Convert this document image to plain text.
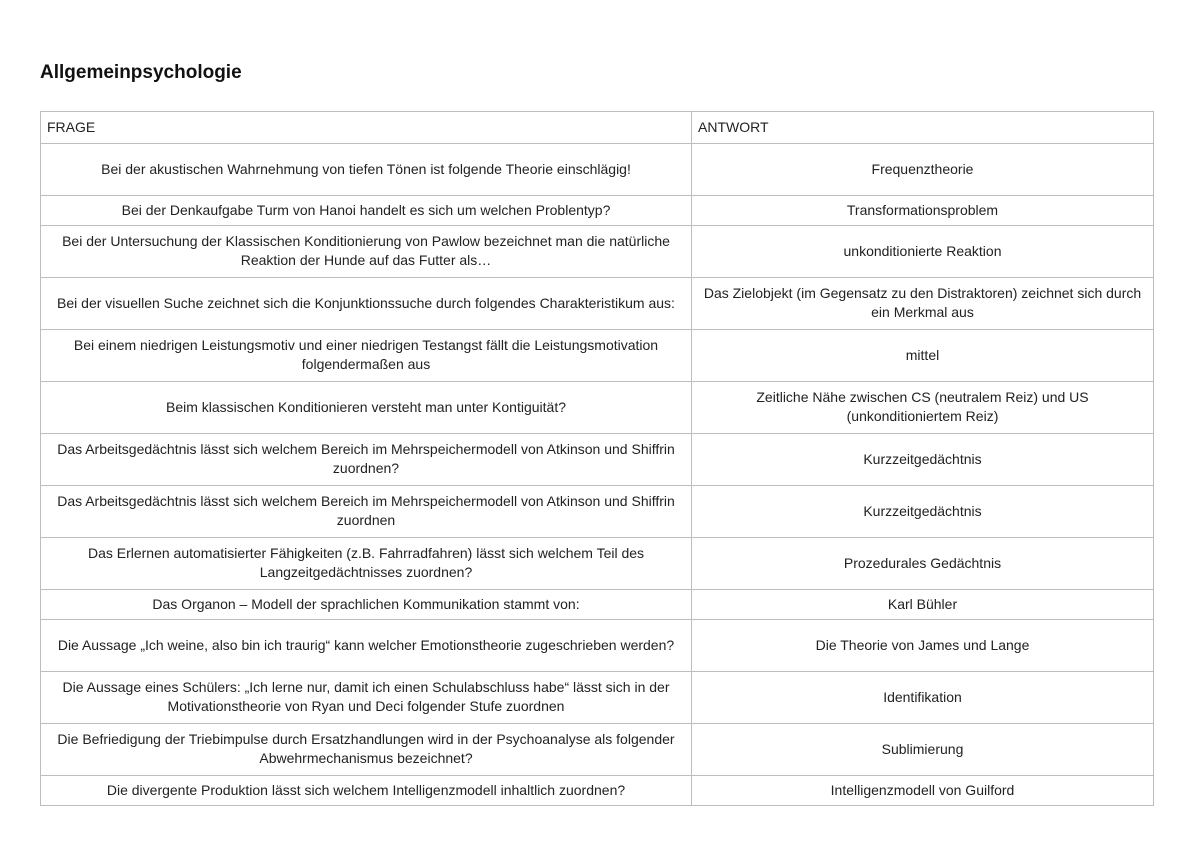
Allgemeinpsychologie
FRAGE	ANTWORT
Bei der akustischen Wahrnehmung von tiefen Tönen ist folgende Theorie einschlägig!	Frequenztheorie
Bei der Denkaufgabe Turm von Hanoi handelt es sich um welchen Problentyp?	Transformationsproblem
Bei der Untersuchung der Klassischen Konditionierung von Pawlow bezeichnet man die natürliche Reaktion der Hunde auf das Futter als…	unkonditionierte Reaktion
Bei der visuellen Suche zeichnet sich die Konjunktionssuche durch folgendes Charakteristikum aus:	Das Zielobjekt (im Gegensatz zu den Distraktoren) zeichnet sich durch ein Merkmal aus
Bei einem niedrigen Leistungsmotiv und einer niedrigen Testangst fällt die Leistungsmotivation folgendermaßen aus	mittel
Beim klassischen Konditionieren versteht man unter Kontiguität?	Zeitliche Nähe zwischen CS (neutralem Reiz) und US (unkonditioniertem Reiz)
Das Arbeitsgedächtnis lässt sich welchem Bereich im Mehrspeichermodell von Atkinson und Shiffrin zuordnen?	Kurzzeitgedächtnis
Das Arbeitsgedächtnis lässt sich welchem Bereich im Mehrspeichermodell von Atkinson und Shiffrin zuordnen	Kurzzeitgedächtnis
Das Erlernen automatisierter Fähigkeiten (z.B. Fahrradfahren) lässt sich welchem Teil des Langzeitgedächtnisses zuordnen?	Prozedurales Gedächtnis
Das Organon – Modell der sprachlichen Kommunikation stammt von:	Karl Bühler
Die Aussage „Ich weine, also bin ich traurig“ kann welcher Emotionstheorie zugeschrieben werden?	Die Theorie von James und Lange
Die Aussage eines Schülers: „Ich lerne nur, damit ich einen Schulabschluss habe“ lässt sich in der Motivationstheorie von Ryan und Deci folgender Stufe zuordnen	Identifikation
Die Befriedigung der Triebimpulse durch Ersatzhandlungen wird in der Psychoanalyse als folgender Abwehrmechanismus bezeichnet?	Sublimierung
Die divergente Produktion lässt sich welchem Intelligenzmodell inhaltlich zuordnen?	Intelligenzmodell von Guilford
